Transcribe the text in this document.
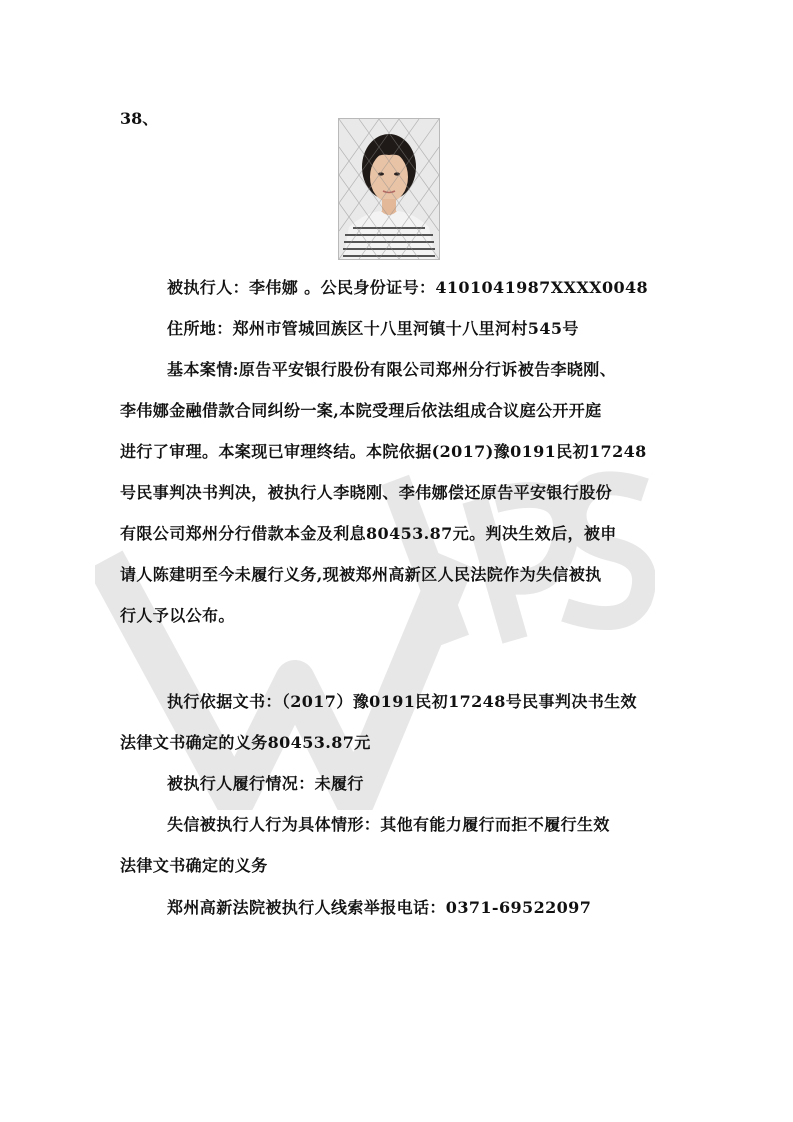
38、
被执行人：李伟娜 。公民身份证号：4101041987XXXX0048
住所地：郑州市管城回族区十八里河镇十八里河村545号
基本案情:原告平安银行股份有限公司郑州分行诉被告李晓刚、
李伟娜金融借款合同纠纷一案,本院受理后依法组成合议庭公开开庭
进行了审理。本案现已审理终结。本院依据(2017)豫0191民初17248
号民事判决书判决，被执行人李晓刚、李伟娜偿还原告平安银行股份
有限公司郑州分行借款本金及利息80453.87元。判决生效后，被申
请人陈建明至今未履行义务,现被郑州高新区人民法院作为失信被执
行人予以公布。
执行依据文书：（2017）豫0191民初17248号民事判决书生效
法律文书确定的义务80453.87元
被执行人履行情况：未履行
失信被执行人行为具体情形：其他有能力履行而拒不履行生效
法律文书确定的义务
郑州高新法院被执行人线索举报电话：0371-69522097
